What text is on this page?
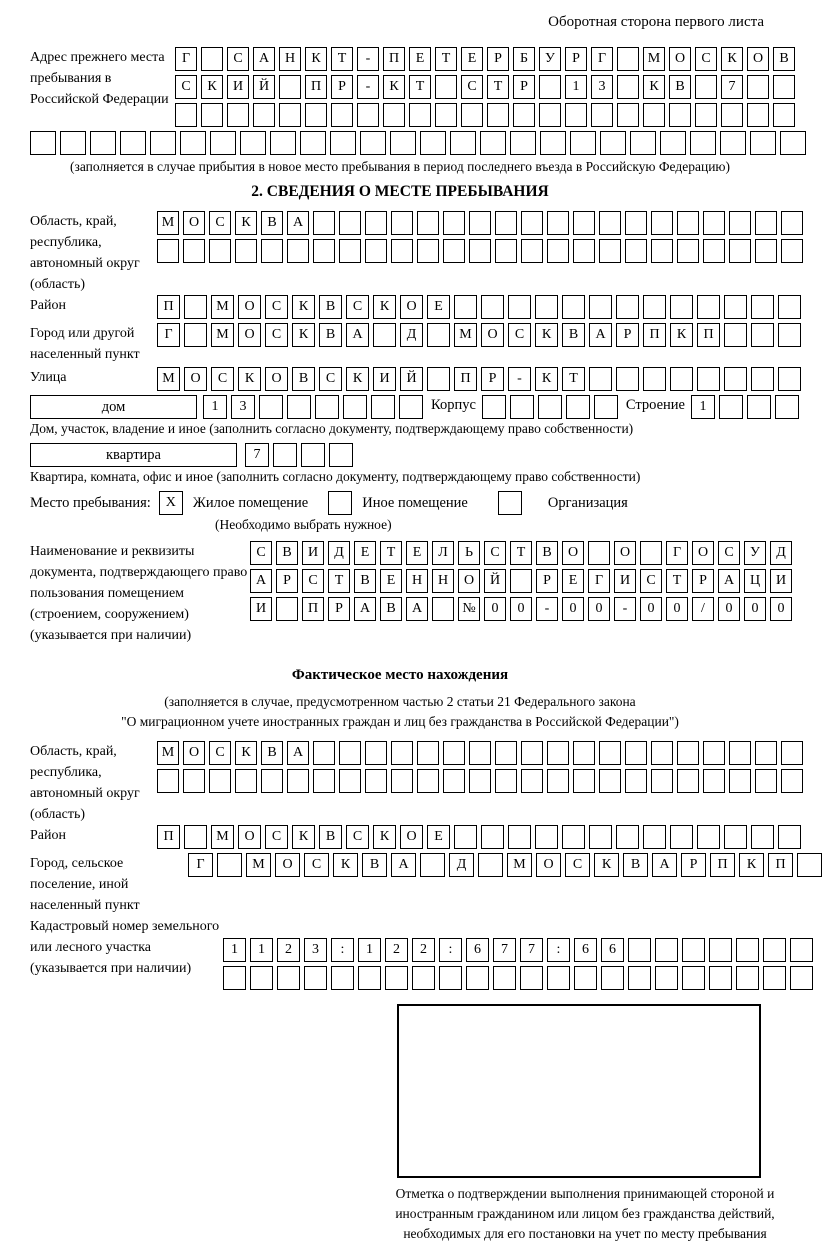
Оборотная сторона первого листа
Адрес прежнего места пребывания в Российской Федерации
Г	С	А	Н	К	Т	-	П	Е	Т	Е	Р	Б	У	Р	Г	М	О	С	К	О	В
С	К	И	Й	П	Р	-	К	Т	С	Т	Р	1	3	К	В	7
(заполняется в случае прибытия в новое место пребывания в период последнего въезда в Российскую Федерацию)
2. СВЕДЕНИЯ О МЕСТЕ ПРЕБЫВАНИЯ
Область, край, республика, автономный округ (область)
М	О	С	К	В	А
Район	П	М	О	С	К	В	С	К	О	Е
Город или другой населенный пункт
Г	М	О	С	К	В	А	Д	М	О	С	К	В	А	Р	П	К	П
Улица	М	О	С	К	О	В	С	К	И	Й	П	Р	-	К	Т
дом	1	3	Корпус	Строение	1
Дом, участок, владение и иное (заполнить согласно документу, подтверждающему право собственности)
квартира	7
Квартира, комната, офис и иное (заполнить согласно документу, подтверждающему право собственности)
Место пребывания:	X	Жилое помещение	Иное помещение	Организация
(Необходимо выбрать нужное)
Наименование и реквизиты документа, подтверждающего право пользования помещением (строением, сооружением) (указывается при наличии)
С	В	И	Д	Е	Т	Е	Л	Ь	С	Т	В	О	О	Г	О	С	У	Д
А	Р	С	Т	В	Е	Н	Н	О	Й	Р	Е	Г	И	С	Т	Р	А	Ц	И
И	П	Р	А	В	А	№	0	0	-	0	0	-	0	0	/	0	0	0
Фактическое место нахождения
(заполняется в случае, предусмотренном частью 2 статьи 21 Федерального закона
"О миграционном учете иностранных граждан и лиц без гражданства в Российской Федерации")
Область, край, республика, автономный округ (область)
М	О	С	К	В	А
Район	П	М	О	С	К	В	С	К	О	Е
Город, сельское поселение, иной населенный пункт
Г	М	О	С	К	В	А	Д	М	О	С	К	В	А	Р	П	К	П
Кадастровый номер земельного или лесного участка (указывается при наличии)
1	1	2	3	:	1	2	2	:	6	7	7	:	6	6
Отметка о подтверждении выполнения принимающей стороной и иностранным гражданином или лицом без гражданства действий, необходимых для его постановки на учет по месту пребывания
